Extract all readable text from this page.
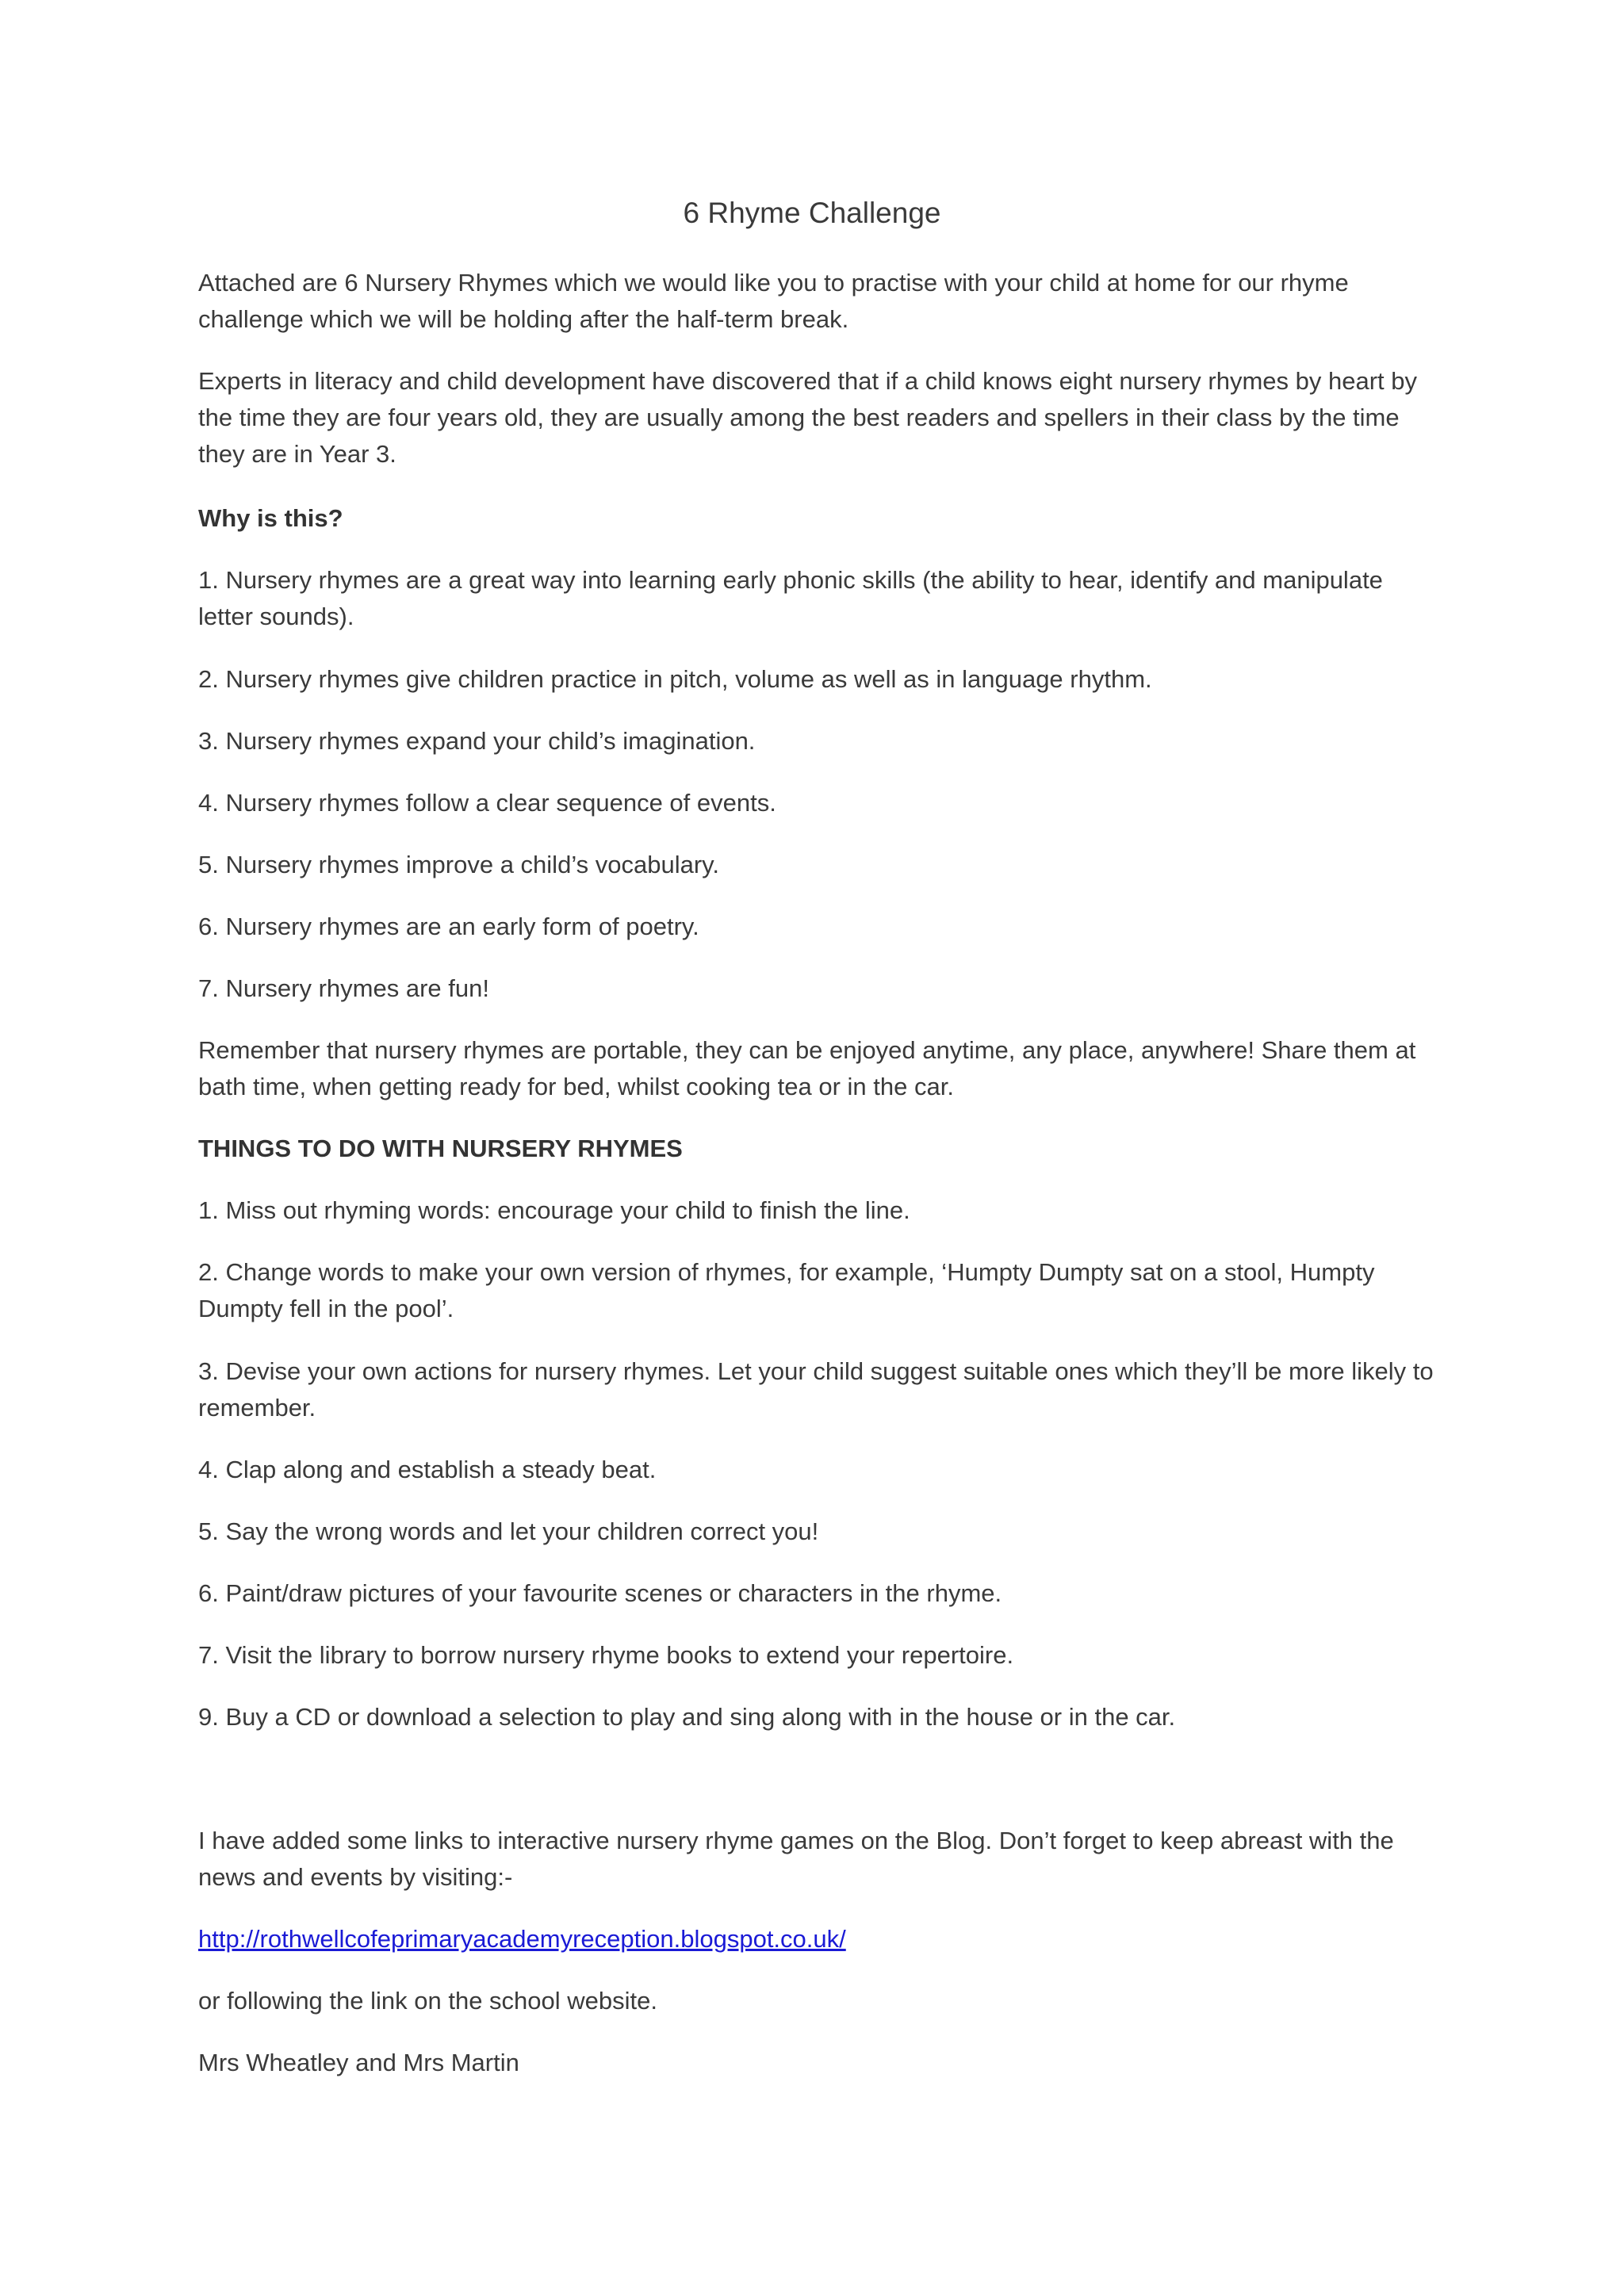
6 Rhyme Challenge

Attached are 6 Nursery Rhymes which we would like you to practise with your child at home for our rhyme challenge which we will be holding after the half-term break.

Experts in literacy and child development have discovered that if a child knows eight nursery rhymes by heart by the time they are four years old, they are usually among the best readers and spellers in their class by the time they are in Year 3.

Why is this?

1. Nursery rhymes are a great way into learning early phonic skills (the ability to hear, identify and manipulate letter sounds).

2. Nursery rhymes give children practice in pitch, volume as well as in language rhythm.

3. Nursery rhymes expand your child’s imagination.

4. Nursery rhymes follow a clear sequence of events.

5. Nursery rhymes improve a child’s vocabulary.

6. Nursery rhymes are an early form of poetry.

7. Nursery rhymes are fun!

Remember that nursery rhymes are portable, they can be enjoyed anytime, any place, anywhere! Share them at bath time, when getting ready for bed, whilst cooking tea or in the car.

THINGS TO DO WITH NURSERY RHYMES

1. Miss out rhyming words: encourage your child to finish the line.

2. Change words to make your own version of rhymes, for example, ‘Humpty Dumpty sat on a stool, Humpty Dumpty fell in the pool’.

3. Devise your own actions for nursery rhymes. Let your child suggest suitable ones which they’ll be more likely to remember.

4. Clap along and establish a steady beat.

5. Say the wrong words and let your children correct you!

6. Paint/draw pictures of your favourite scenes or characters in the rhyme.

7. Visit the library to borrow nursery rhyme books to extend your repertoire.

9. Buy a CD or download a selection to play and sing along with in the house or in the car.

I have added some links to interactive nursery rhyme games on the Blog. Don’t forget to keep abreast with the news and events by visiting:-

http://rothwellcofeprimaryacademyreception.blogspot.co.uk/

or following the link on the school website.

Mrs Wheatley and Mrs Martin
